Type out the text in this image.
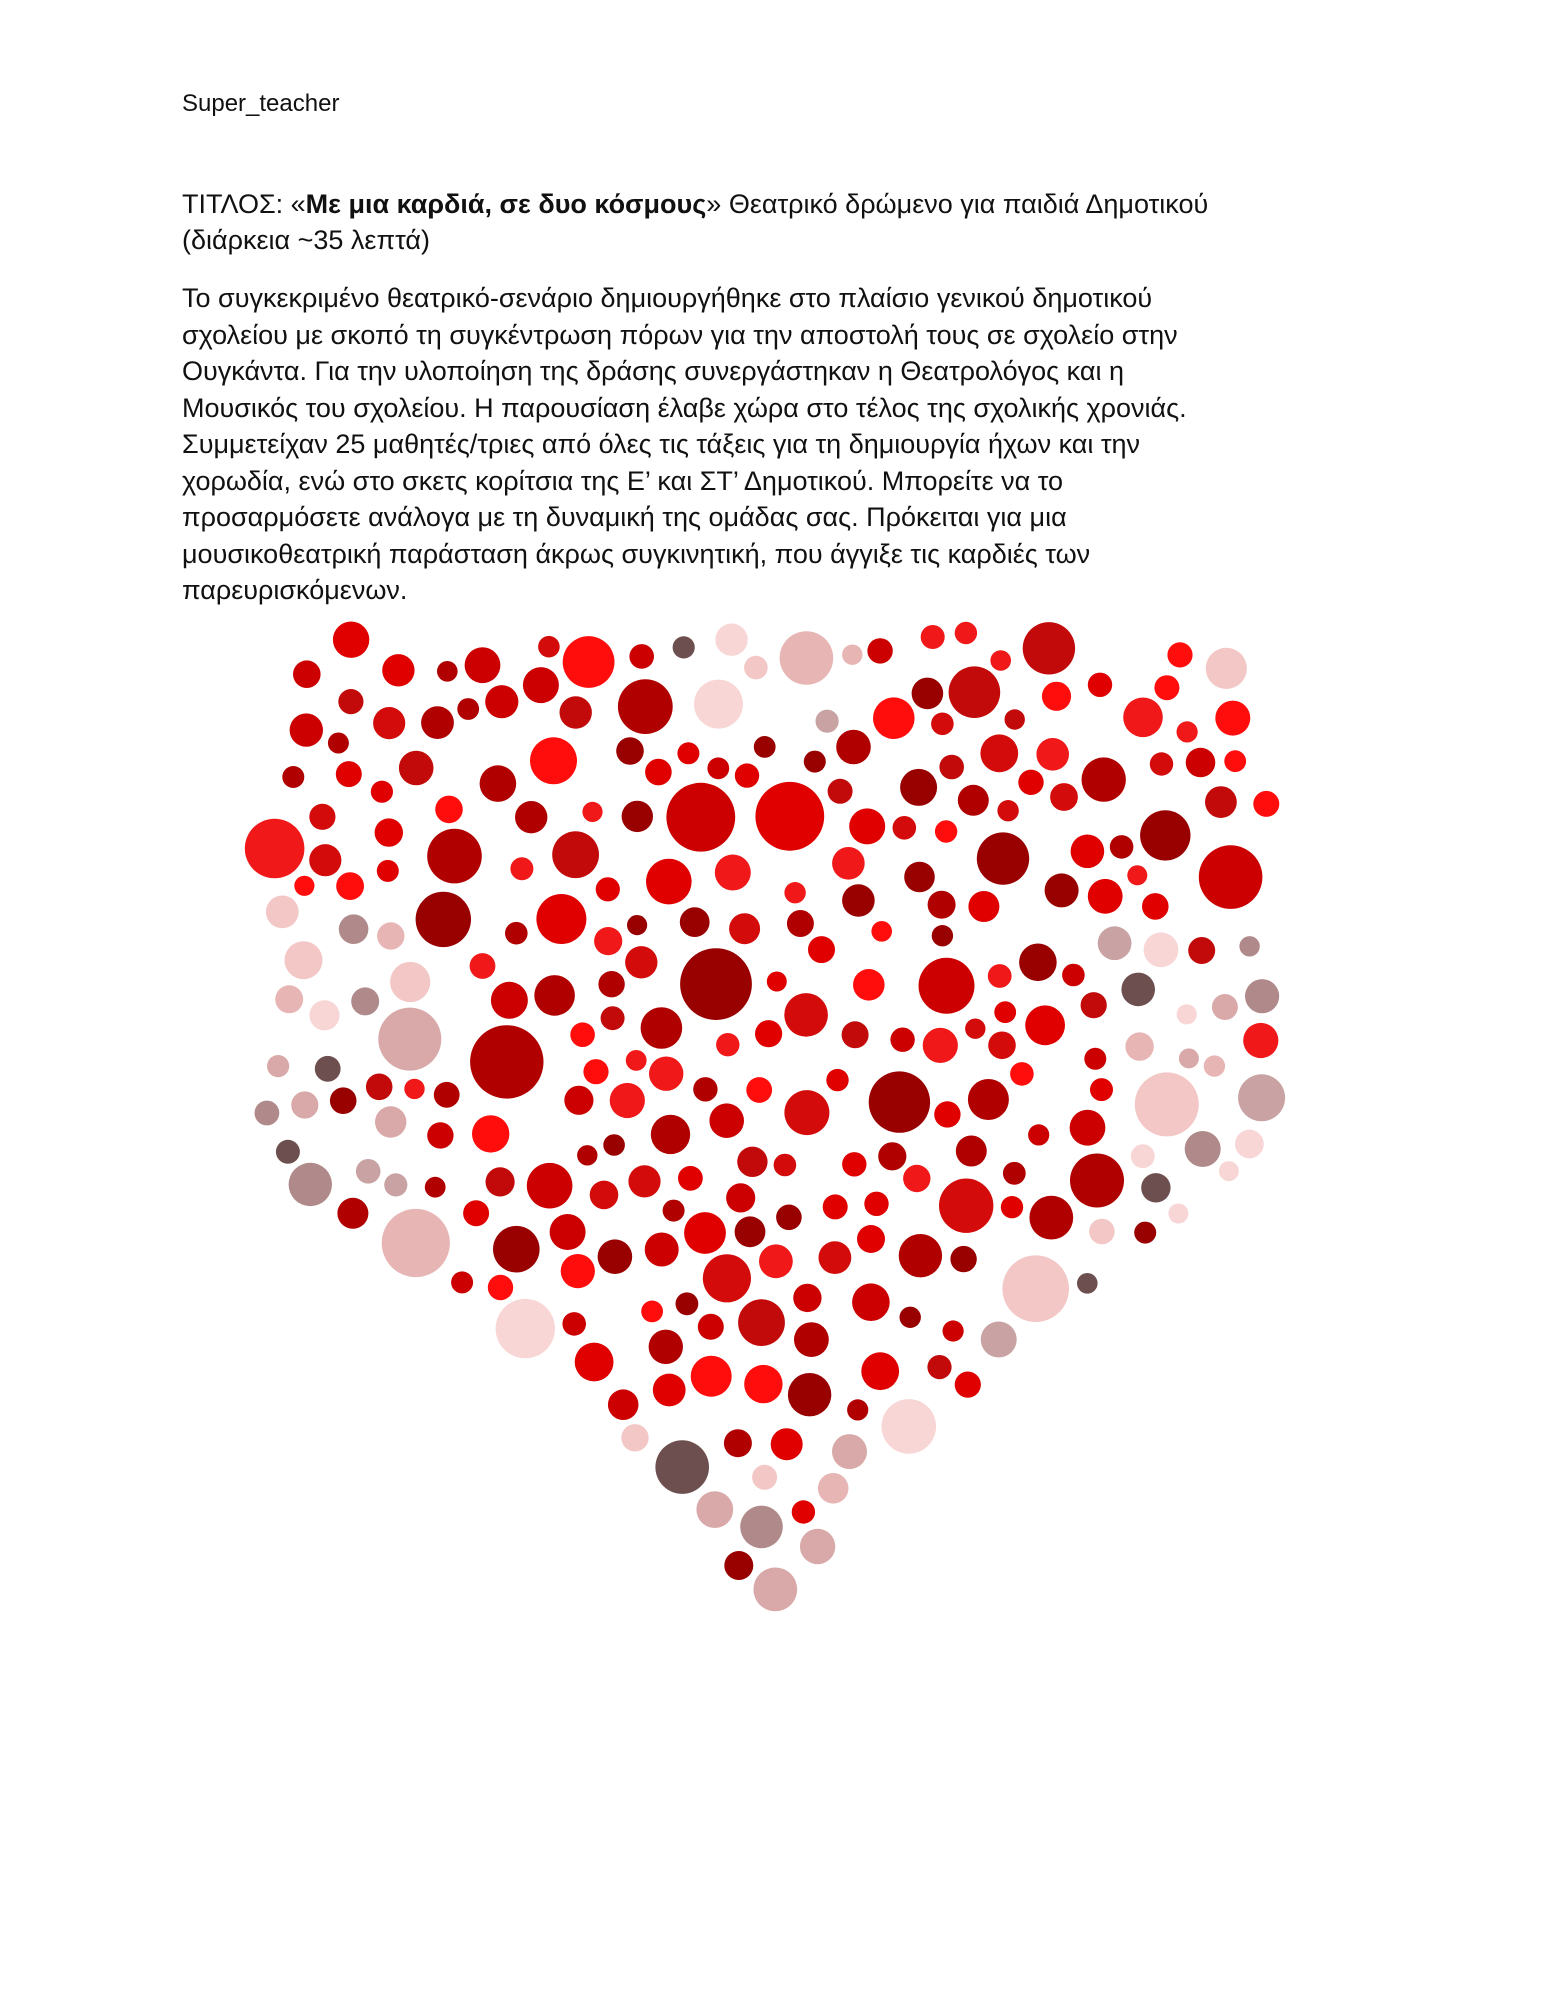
Super_teacher
ΤΙΤΛΟΣ: «Με μια καρδιά, σε δυο κόσμους» Θεατρικό δρώμενο για παιδιά Δημοτικού
(διάρκεια ~35 λεπτά)
Το συγκεκριμένο θεατρικό-σενάριο δημιουργήθηκε στο πλαίσιο γενικού δημοτικού
σχολείου με σκοπό τη συγκέντρωση πόρων για την αποστολή τους σε σχολείο στην
Ουγκάντα. Για την υλοποίηση της δράσης συνεργάστηκαν η Θεατρολόγος και η
Μουσικός του σχολείου. Η παρουσίαση έλαβε χώρα στο τέλος της σχολικής χρονιάς.
Συμμετείχαν 25 μαθητές/τριες από όλες τις τάξεις για τη δημιουργία ήχων και την
χορωδία, ενώ στο σκετς κορίτσια της Ε’ και ΣΤ’ Δημοτικού. Μπορείτε να το
προσαρμόσετε ανάλογα με τη δυναμική της ομάδας σας. Πρόκειται για μια
μουσικοθεατρική παράσταση άκρως συγκινητική, που άγγιξε τις καρδιές των
παρευρισκόμενων.
